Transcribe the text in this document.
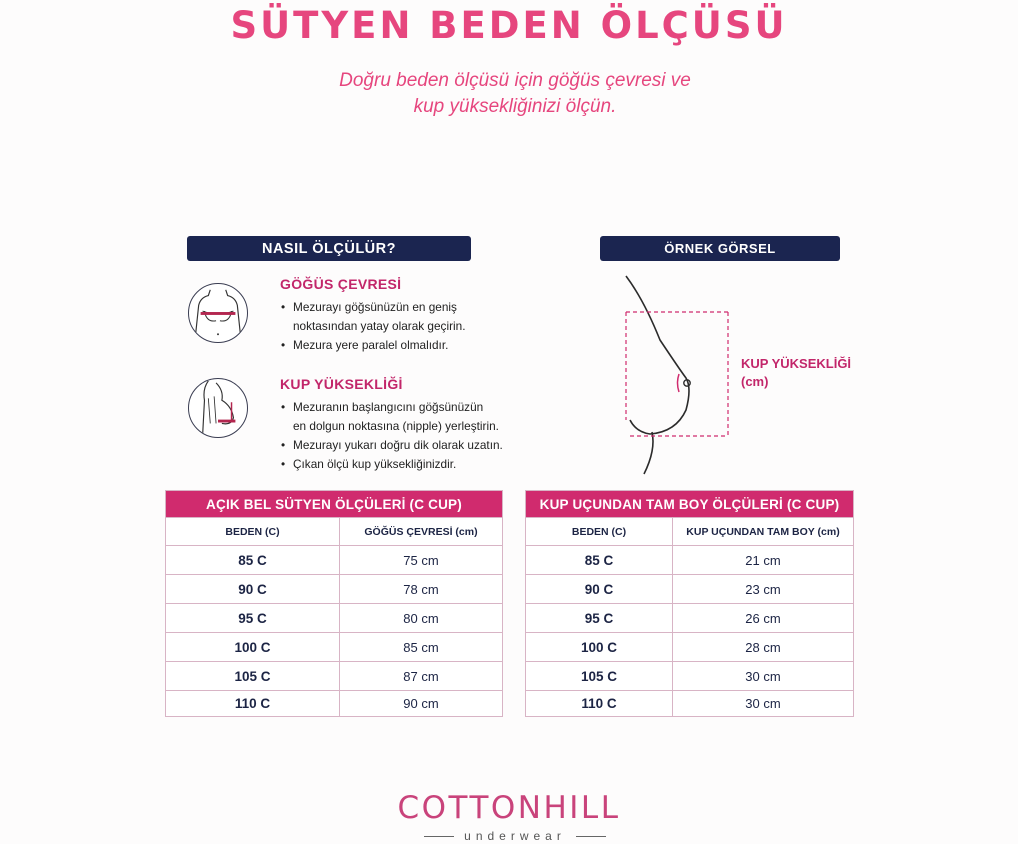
SÜTYEN BEDEN ÖLÇÜSÜ
Doğru beden ölçüsü için göğüs çevresi ve
kup yüksekliğinizi ölçün.
NASIL ÖLÇÜLÜR?
GÖĞÜS ÇEVRESİ
• Mezurayı göğsünüzün en geniş
noktasından yatay olarak geçirin.
• Mezura yere paralel olmalıdır.
KUP YÜKSEKLİĞİ
• Mezuranın başlangıcını göğsünüzün
en dolgun noktasına (nipple) yerleştirin.
• Mezurayı yukarı doğru dik olarak uzatın.
• Çıkan ölçü kup yüksekliğinizdir.
ÖRNEK GÖRSEL
KUP YÜKSEKLİĞİ
(cm)
AÇIK BEL SÜTYEN ÖLÇÜLERİ (C CUP)
BEDEN (C)	GÖĞÜS ÇEVRESİ (cm)
85 C	75 cm
90 C	78 cm
95 C	80 cm
100 C	85 cm
105 C	87 cm
110 C	90 cm
KUP UÇUNDAN TAM BOY ÖLÇÜLERİ (C CUP)
BEDEN (C)	KUP UÇUNDAN TAM BOY (cm)
85 C	21 cm
90 C	23 cm
95 C	26 cm
100 C	28 cm
105 C	30 cm
110 C	30 cm
COTTONHILL
underwear
